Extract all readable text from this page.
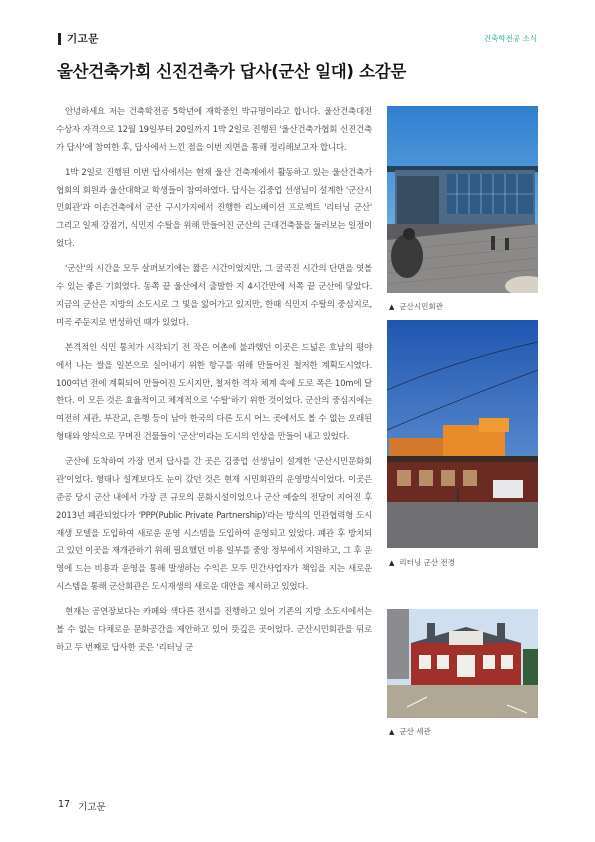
기고문	건축학전공 소식
울산건축가회 신진건축가 답사(군산 일대) 소감문

안녕하세요 저는 건축학전공 5학년에 재학중인 박규명이라고 합니다. 울산건축대전 수상자 자격으로 12월 19일부터 20일까지 1박 2일로 진행된 '울산건축가협회 신진건축가 답사'에 참여한 후, 답사에서 느낀 점을 이번 지면을 통해 정리해보고자 합니다.

1박 2일로 진행된 이번 답사에서는 현재 울산 건축계에서 활동하고 있는 울산건축가협회의 회원과 울산대학교 학생들이 참여하였다. 답사는 김중업 선생님이 설계한 '군산시민회관'과 이손건축에서 군산 구시가지에서 진행한 리노베이션 프로젝트 '리터닝 군산' 그리고 일제 강점기, 식민지 수탈을 위해 만들어진 군산의 근대건축물을 둘러보는 일정이었다.

'군산'의 시간을 모두 살펴보기에는 짧은 시간이었지만, 그 굴곡진 시간의 단면을 엿볼 수 있는 좋은 기회였다. 동쪽 끝 울산에서 출발한 지 4시간만에 서쪽 끝 군산에 닿았다. 지금의 군산은 지방의 소도시로 그 빛을 잃어가고 있지만, 한때 식민지 수탈의 중심지로, 미곡 주둔지로 번성하던 때가 있었다.

본격적인 식민 통치가 시작되기 전 작은 어촌에 불과했던 이곳은 드넓은 호남의 평야에서 나는 쌀을 일본으로 실어내기 위한 항구를 위해 만들어진 철저한 계획도시였다. 100여년 전에 계획되어 만들어진 도시지만, 철저한 격자 체계 속에 도로 폭은 10m에 달한다. 이 모든 것은 효율적이고 체계적으로 '수탈'하기 위한 것이었다. 군산의 중심지에는 여전히 세관, 부잔교, 은행 등이 남아 한국의 다른 도시 어느 곳에서도 볼 수 없는 오래된 형태와 양식으로 꾸며진 건물들이 '군산'이라는 도시의 인상을 만들어 내고 있었다.

군산에 도착하여 가장 먼저 답사를 간 곳은 김중업 선생님이 설계한 '군산시민문화회관'이었다. 형태나 설계보다도 눈이 갔던 것은 현재 시민회관의 운영방식이었다. 이곳은 준공 당시 군산 내에서 가장 큰 규모의 문화시설이었으나 군산 예술의 전당이 지어진 후 2013년 폐관되었다가 'PPP(Public Private Partnership)'라는 방식의 민관협력형 도시재생 모델을 도입하여 새로운 운영 시스템을 도입하여 운영되고 있었다. 폐관 후 방치되고 있던 이곳을 재개관하기 위해 필요했던 비용 일부를 중앙 정부에서 지원하고, 그 후 운영에 드는 비용과 운영을 통해 발생하는 수익은 모두 민간사업자가 책임을 지는 새로운 시스템을 통해 군산회관은 도시재생의 새로운 대안을 제시하고 있었다.

현재는 공연장보다는 카페와 색다른 전시를 진행하고 있어 기존의 지방 소도시에서는 볼 수 없는 다채로운 문화공간을 제안하고 있어 뜻깊은 곳이었다. 군산시민회관을 뒤로 하고 두 번째로 답사한 곳은 '리터닝 군

▲ 군산시민회관
▲ 리터닝 군산 전경
▲ 군산 세관
17 기고문
